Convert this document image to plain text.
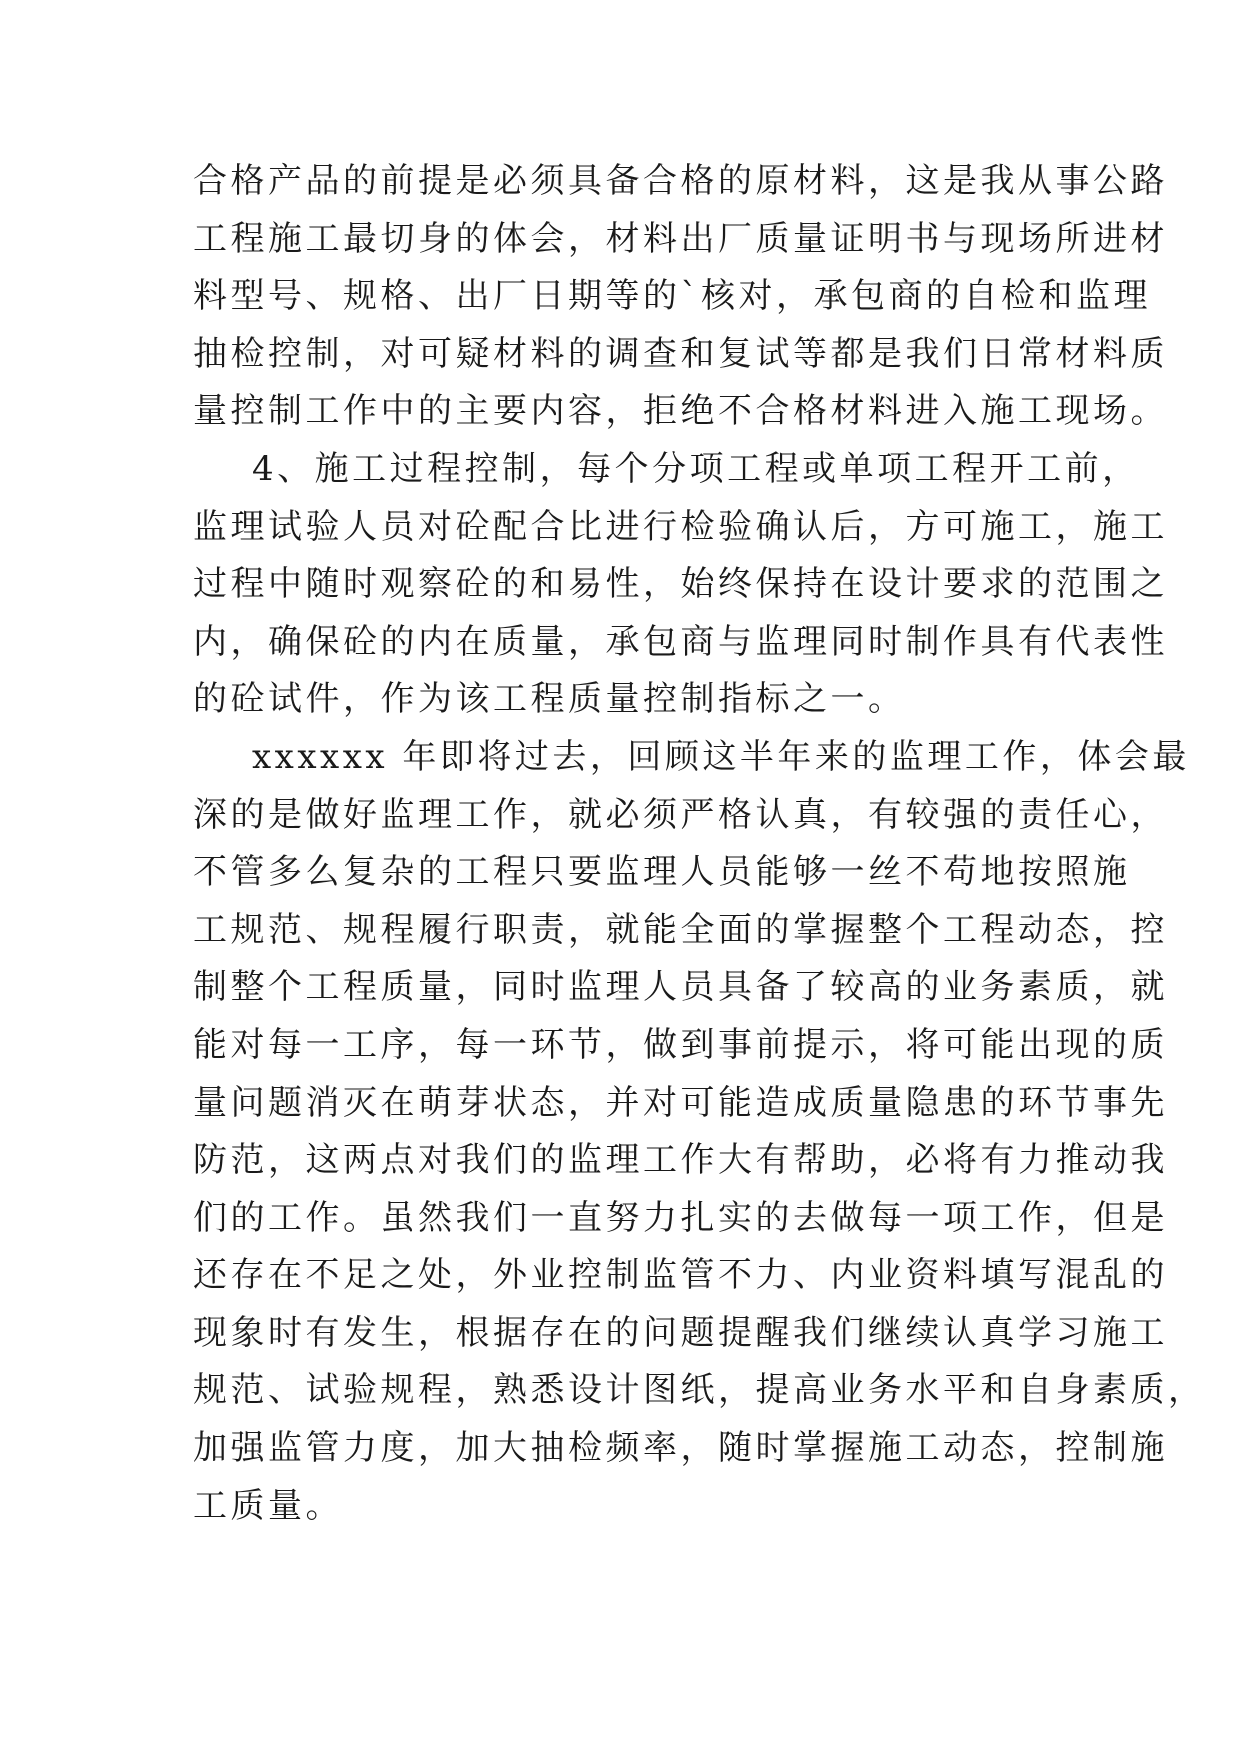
合格产品的前提是必须具备合格的原材料，这是我从事公路
工程施工最切身的体会，材料出厂质量证明书与现场所进材
料型号、规格、出厂日期等的`核对，承包商的自检和监理
抽检控制，对可疑材料的调查和复试等都是我们日常材料质
量控制工作中的主要内容，拒绝不合格材料进入施工现场。
4、施工过程控制，每个分项工程或单项工程开工前，
监理试验人员对砼配合比进行检验确认后，方可施工，施工
过程中随时观察砼的和易性，始终保持在设计要求的范围之
内，确保砼的内在质量，承包商与监理同时制作具有代表性
的砼试件，作为该工程质量控制指标之一。
xxxxxx 年即将过去，回顾这半年来的监理工作，体会最
深的是做好监理工作，就必须严格认真，有较强的责任心，
不管多么复杂的工程只要监理人员能够一丝不苟地按照施
工规范、规程履行职责，就能全面的掌握整个工程动态，控
制整个工程质量，同时监理人员具备了较高的业务素质，就
能对每一工序，每一环节，做到事前提示，将可能出现的质
量问题消灭在萌芽状态，并对可能造成质量隐患的环节事先
防范，这两点对我们的监理工作大有帮助，必将有力推动我
们的工作。虽然我们一直努力扎实的去做每一项工作，但是
还存在不足之处，外业控制监管不力、内业资料填写混乱的
现象时有发生，根据存在的问题提醒我们继续认真学习施工
规范、试验规程，熟悉设计图纸，提高业务水平和自身素质，
加强监管力度，加大抽检频率，随时掌握施工动态，控制施
工质量。
